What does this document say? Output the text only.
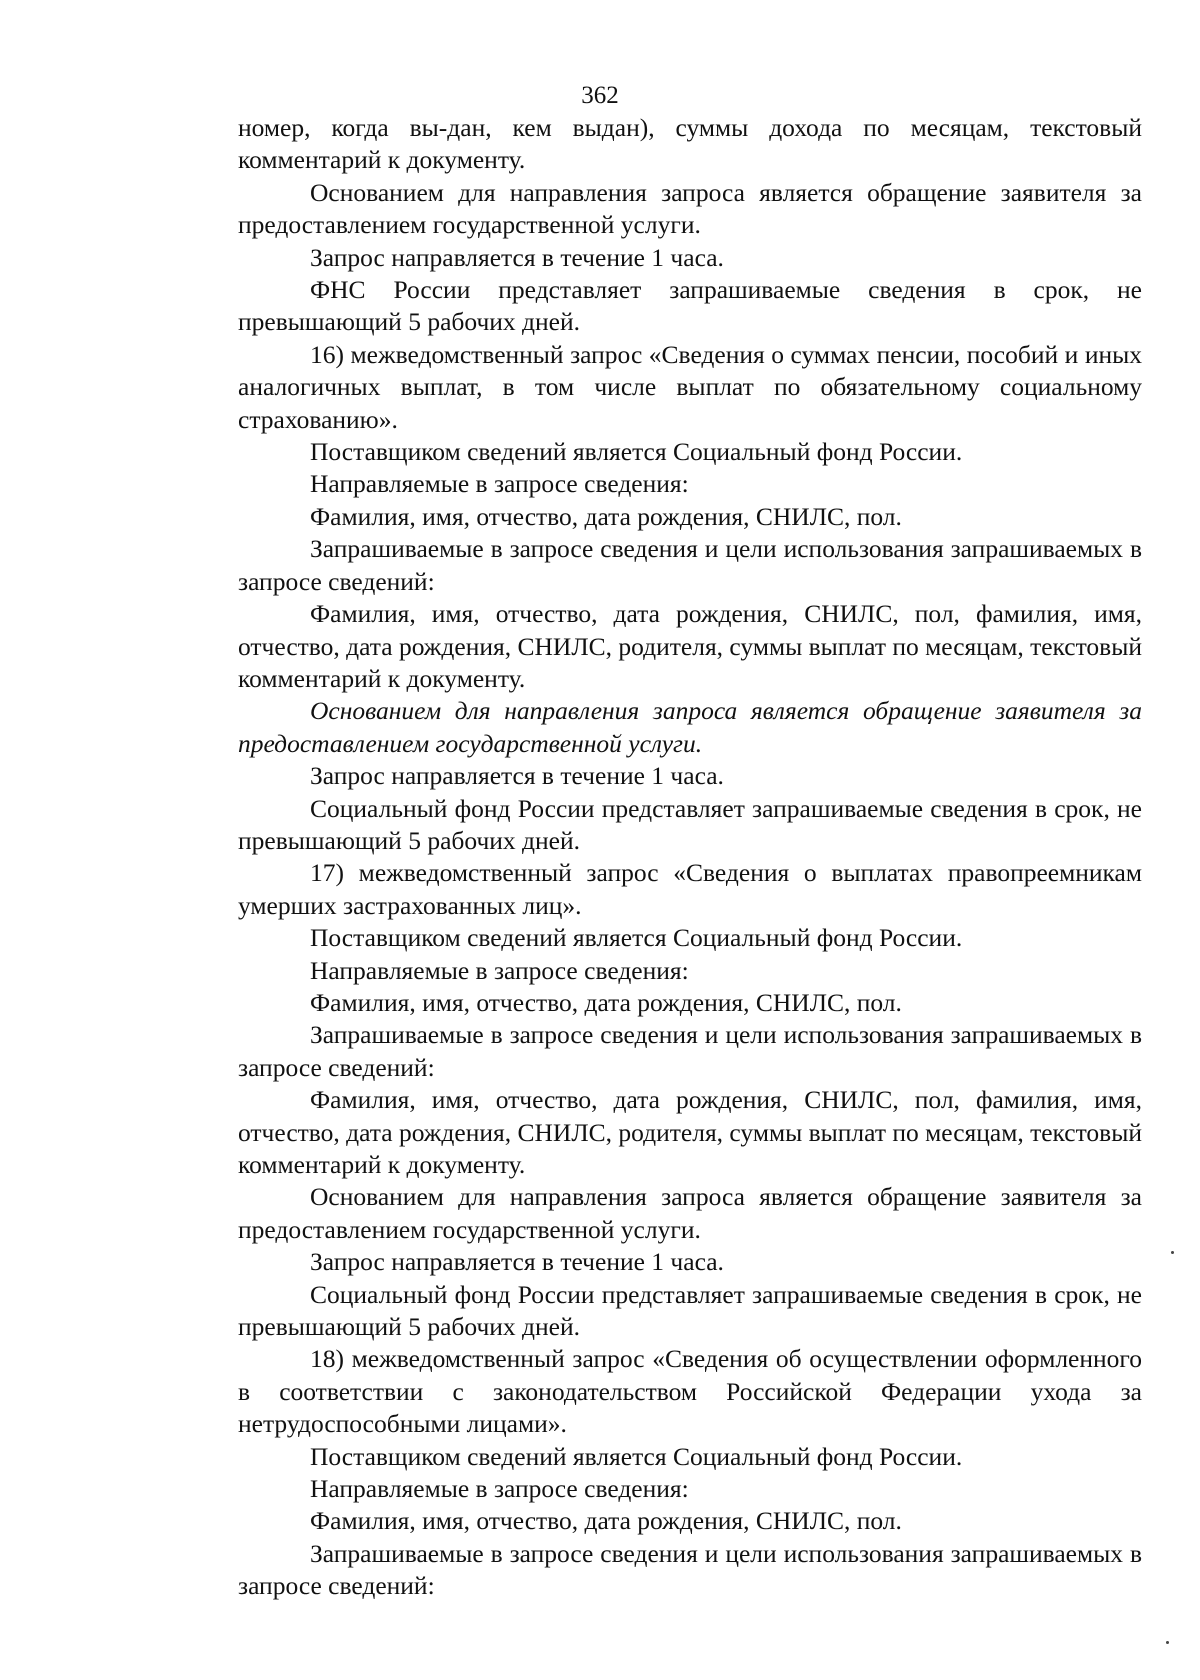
362

номер, когда вы-дан, кем выдан), суммы дохода по месяцам, текстовый комментарий к документу.

Основанием для направления запроса является обращение заявителя за предоставлением государственной услуги.

Запрос направляется в течение 1 часа.

ФНС России представляет запрашиваемые сведения в срок, не превышающий 5 рабочих дней.

16) межведомственный запрос «Сведения о суммах пенсии, пособий и иных аналогичных выплат, в том числе выплат по обязательному социальному страхованию».

Поставщиком сведений является Социальный фонд России.

Направляемые в запросе сведения:

Фамилия, имя, отчество, дата рождения, СНИЛС, пол.

Запрашиваемые в запросе сведения и цели использования запрашиваемых в запросе сведений:

Фамилия, имя, отчество, дата рождения, СНИЛС, пол, фамилия, имя, отчество, дата рождения, СНИЛС, родителя, суммы выплат по месяцам, текстовый комментарий к документу.

Основанием для направления запроса является обращение заявителя за предоставлением государственной услуги.

Запрос направляется в течение 1 часа.

Социальный фонд России представляет запрашиваемые сведения в срок, не превышающий 5 рабочих дней.

17) межведомственный запрос «Сведения о выплатах правопреемникам умерших застрахованных лиц».

Поставщиком сведений является Социальный фонд России.

Направляемые в запросе сведения:

Фамилия, имя, отчество, дата рождения, СНИЛС, пол.

Запрашиваемые в запросе сведения и цели использования запрашиваемых в запросе сведений:

Фамилия, имя, отчество, дата рождения, СНИЛС, пол, фамилия, имя, отчество, дата рождения, СНИЛС, родителя, суммы выплат по месяцам, текстовый комментарий к документу.

Основанием для направления запроса является обращение заявителя за предоставлением государственной услуги.

Запрос направляется в течение 1 часа.

Социальный фонд России представляет запрашиваемые сведения в срок, не превышающий 5 рабочих дней.

18) межведомственный запрос «Сведения об осуществлении оформленного в соответствии с законодательством Российской Федерации ухода за нетрудоспособными лицами».

Поставщиком сведений является Социальный фонд России.

Направляемые в запросе сведения:

Фамилия, имя, отчество, дата рождения, СНИЛС, пол.

Запрашиваемые в запросе сведения и цели использования запрашиваемых в запросе сведений:
